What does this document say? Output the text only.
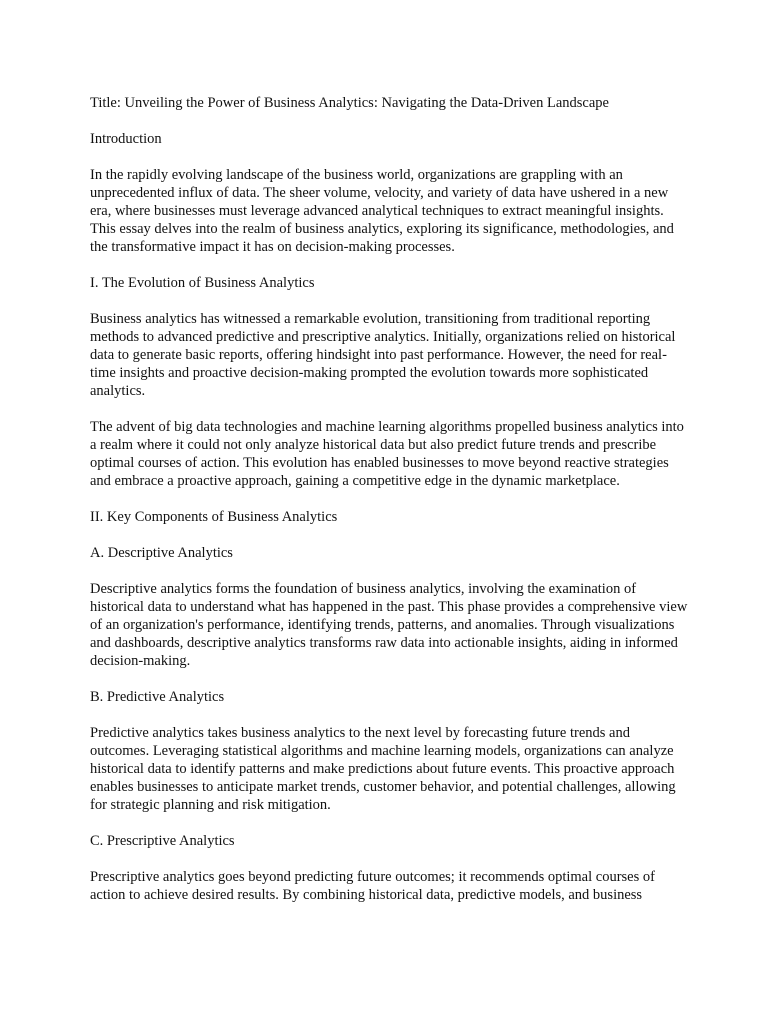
Title: Unveiling the Power of Business Analytics: Navigating the Data-Driven Landscape

Introduction

In the rapidly evolving landscape of the business world, organizations are grappling with an unprecedented influx of data. The sheer volume, velocity, and variety of data have ushered in a new era, where businesses must leverage advanced analytical techniques to extract meaningful insights. This essay delves into the realm of business analytics, exploring its significance, methodologies, and the transformative impact it has on decision-making processes.

I. The Evolution of Business Analytics

Business analytics has witnessed a remarkable evolution, transitioning from traditional reporting methods to advanced predictive and prescriptive analytics. Initially, organizations relied on historical data to generate basic reports, offering hindsight into past performance. However, the need for real-time insights and proactive decision-making prompted the evolution towards more sophisticated analytics.

The advent of big data technologies and machine learning algorithms propelled business analytics into a realm where it could not only analyze historical data but also predict future trends and prescribe optimal courses of action. This evolution has enabled businesses to move beyond reactive strategies and embrace a proactive approach, gaining a competitive edge in the dynamic marketplace.

II. Key Components of Business Analytics

A. Descriptive Analytics

Descriptive analytics forms the foundation of business analytics, involving the examination of historical data to understand what has happened in the past. This phase provides a comprehensive view of an organization's performance, identifying trends, patterns, and anomalies. Through visualizations and dashboards, descriptive analytics transforms raw data into actionable insights, aiding in informed decision-making.

B. Predictive Analytics

Predictive analytics takes business analytics to the next level by forecasting future trends and outcomes. Leveraging statistical algorithms and machine learning models, organizations can analyze historical data to identify patterns and make predictions about future events. This proactive approach enables businesses to anticipate market trends, customer behavior, and potential challenges, allowing for strategic planning and risk mitigation.

C. Prescriptive Analytics

Prescriptive analytics goes beyond predicting future outcomes; it recommends optimal courses of action to achieve desired results. By combining historical data, predictive models, and business
